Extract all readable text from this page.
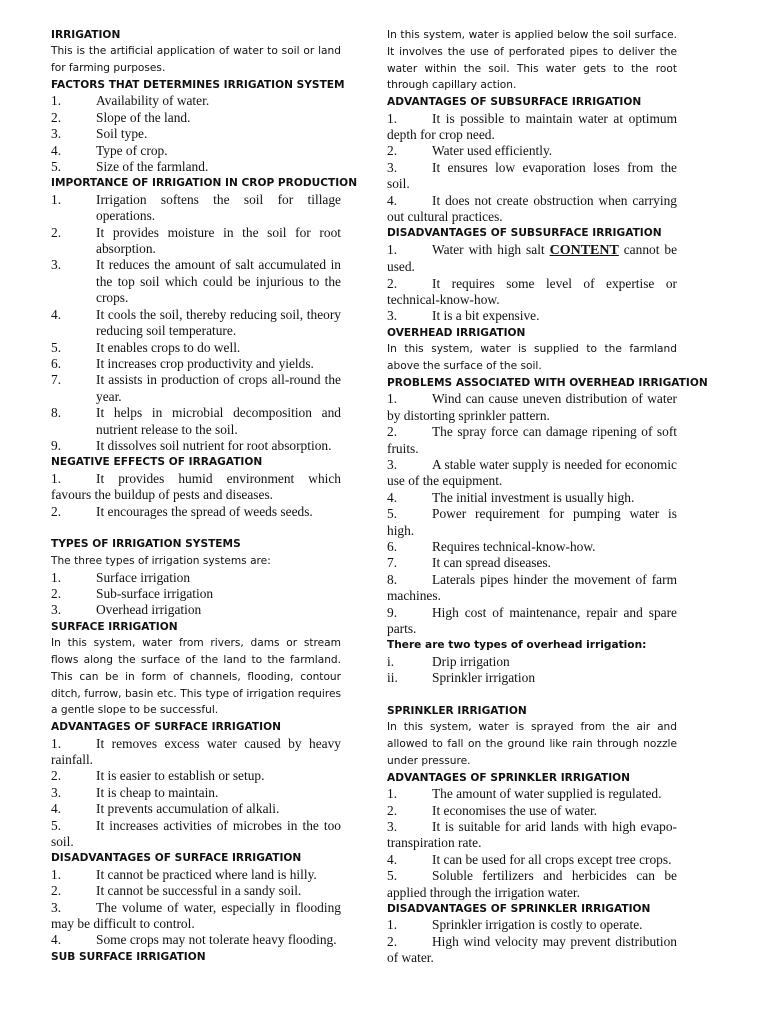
IRRIGATION
This is the artificial application of water to soil or land for farming purposes.
FACTORS THAT DETERMINES IRRIGATION SYSTEM
1.	Availability of water.
2.	Slope of the land.
3.	Soil type.
4.	Type of crop.
5.	Size of the farmland.
IMPORTANCE OF IRRIGATION IN CROP PRODUCTION
1.	Irrigation softens the soil for tillage operations.
2.	It provides moisture in the soil for root absorption.
3.	It reduces the amount of salt accumulated in the top soil which could be injurious to the crops.
4.	It cools the soil, thereby reducing soil, theory reducing soil temperature.
5.	It enables crops to do well.
6.	It increases crop productivity and yields.
7.	It assists in production of crops all-round the year.
8.	It helps in microbial decomposition and nutrient release to the soil.
9.	It dissolves soil nutrient for root absorption.
NEGATIVE EFFECTS OF IRRAGATION
1.	It provides humid environment which favours the buildup of pests and diseases.
2.	It encourages the spread of weeds seeds.
TYPES OF IRRIGATION SYSTEMS
The three types of irrigation systems are:
1.	Surface irrigation
2.	Sub-surface irrigation
3.	Overhead irrigation
SURFACE IRRIGATION
In this system, water from rivers, dams or stream flows along the surface of the land to the farmland. This can be in form of channels, flooding, contour ditch, furrow, basin etc. This type of irrigation requires a gentle slope to be successful.
ADVANTAGES OF SURFACE IRRIGATION
1.	It removes excess water caused by heavy rainfall.
2.	It is easier to establish or setup.
3.	It is cheap to maintain.
4.	It prevents accumulation of alkali.
5.	It increases activities of microbes in the too soil.
DISADVANTAGES OF SURFACE IRRIGATION
1.	It cannot be practiced where land is hilly.
2.	It cannot be successful in a sandy soil.
3.	The volume of water, especially in flooding may be difficult to control.
4.	Some crops may not tolerate heavy flooding.
SUB SURFACE IRRIGATION
In this system, water is applied below the soil surface. It involves the use of perforated pipes to deliver the water within the soil. This water gets to the root through capillary action.
ADVANTAGES OF SUBSURFACE IRRIGATION
1.	It is possible to maintain water at optimum depth for crop need.
2.	Water used efficiently.
3.	It ensures low evaporation loses from the soil.
4.	It does not create obstruction when carrying out cultural practices.
DISADVANTAGES OF SUBSURFACE IRRIGATION
1.	Water with high salt CONTENT cannot be used.
2.	It requires some level of expertise or technical-know-how.
3.	It is a bit expensive.
OVERHEAD IRRIGATION
In this system, water is supplied to the farmland above the surface of the soil.
PROBLEMS ASSOCIATED WITH OVERHEAD IRRIGATION
1.	Wind can cause uneven distribution of water by distorting sprinkler pattern.
2.	The spray force can damage ripening of soft fruits.
3.	A stable water supply is needed for economic use of the equipment.
4.	The initial investment is usually high.
5.	Power requirement for pumping water is high.
6.	Requires technical-know-how.
7.	It can spread diseases.
8.	Laterals pipes hinder the movement of farm machines.
9.	High cost of maintenance, repair and spare parts.
There are two types of overhead irrigation:
i.	Drip irrigation
ii.	Sprinkler irrigation
SPRINKLER IRRIGATION
In this system, water is sprayed from the air and allowed to fall on the ground like rain through nozzle under pressure.
ADVANTAGES OF SPRINKLER IRRIGATION
1.	The amount of water supplied is regulated.
2.	It economises the use of water.
3.	It is suitable for arid lands with high evapo-transpiration rate.
4.	It can be used for all crops except tree crops.
5.	Soluble fertilizers and herbicides can be applied through the irrigation water.
DISADVANTAGES OF SPRINKLER IRRIGATION
1.	Sprinkler irrigation is costly to operate.
2.	High wind velocity may prevent distribution of water.
